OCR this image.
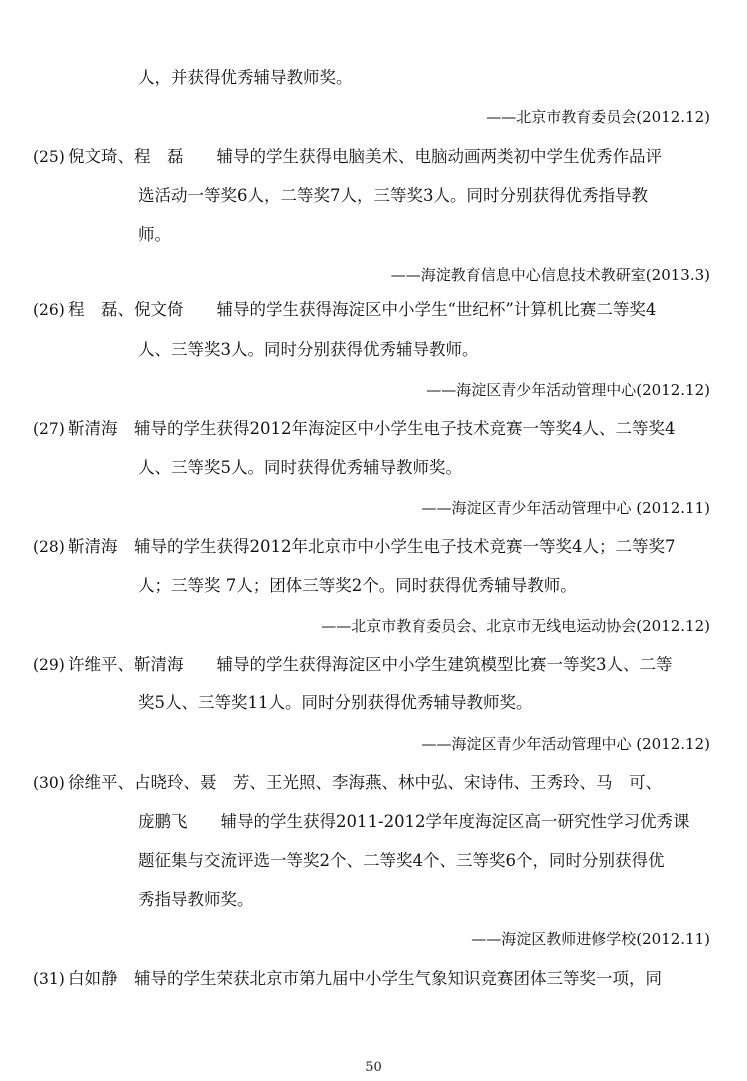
人，并获得优秀辅导教师奖。
——北京市教育委员会(2012.12)
(25) 倪文琦、程　磊　　辅导的学生获得电脑美术、电脑动画两类初中学生优秀作品评
选活动一等奖6人，二等奖7人，三等奖3人。同时分别获得优秀指导教
师。
——海淀教育信息中心信息技术教研室(2013.3)
(26) 程　磊、倪文倚　　辅导的学生获得海淀区中小学生“世纪杯”计算机比赛二等奖4
人、三等奖3人。同时分别获得优秀辅导教师。
——海淀区青少年活动管理中心(2012.12)
(27) 靳清海　辅导的学生获得2012年海淀区中小学生电子技术竞赛一等奖4人、二等奖4
人、三等奖5人。同时获得优秀辅导教师奖。
——海淀区青少年活动管理中心 (2012.11)
(28) 靳清海　辅导的学生获得2012年北京市中小学生电子技术竞赛一等奖4人；二等奖7
人；三等奖 7人；团体三等奖2个。同时获得优秀辅导教师。
——北京市教育委员会、北京市无线电运动协会(2012.12)
(29) 许维平、靳清海　　辅导的学生获得海淀区中小学生建筑模型比赛一等奖3人、二等
奖5人、三等奖11人。同时分别获得优秀辅导教师奖。
——海淀区青少年活动管理中心 (2012.12)
(30) 徐维平、占晓玲、聂　芳、王光照、李海燕、林中弘、宋诗伟、王秀玲、马　可、
庞鹏飞　　辅导的学生获得2011-2012学年度海淀区高一研究性学习优秀课
题征集与交流评选一等奖2个、二等奖4个、三等奖6个，同时分别获得优
秀指导教师奖。
——海淀区教师进修学校(2012.11)
(31) 白如静　辅导的学生荣获北京市第九届中小学生气象知识竞赛团体三等奖一项，同
50
